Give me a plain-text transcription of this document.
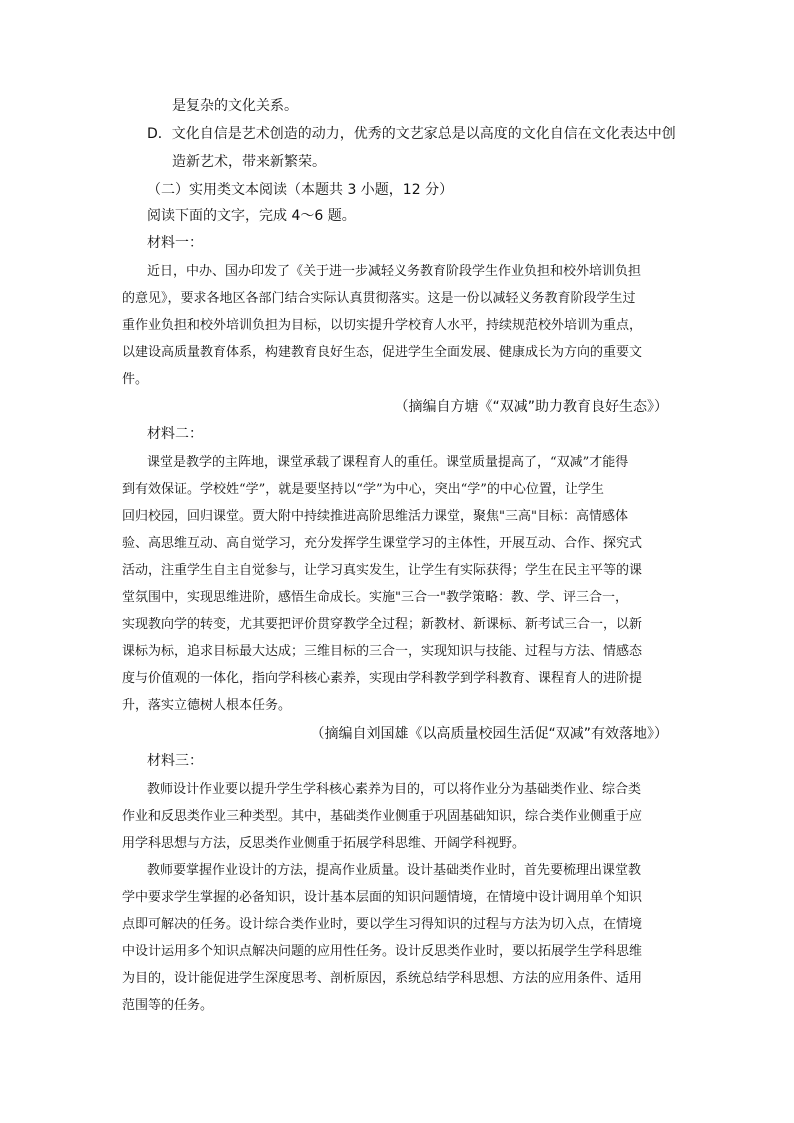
是复杂的文化关系。
D．文化自信是艺术创造的动力，优秀的文艺家总是以高度的文化自信在文化表达中创
造新艺术，带来新繁荣。
（二）实用类文本阅读（本题共 3 小题，12 分）
阅读下面的文字，完成 4～6 题。
材料一：
近日，中办、国办印发了《关于进一步减轻义务教育阶段学生作业负担和校外培训负担
的意见》，要求各地区各部门结合实际认真贯彻落实。这是一份以减轻义务教育阶段学生过
重作业负担和校外培训负担为目标，以切实提升学校育人水平，持续规范校外培训为重点，
以建设高质量教育体系，构建教育良好生态，促进学生全面发展、健康成长为方向的重要文
件。
（摘编自方塘《“双减”助力教育良好生态》）
材料二：
课堂是教学的主阵地，课堂承载了课程育人的重任。课堂质量提高了，“双减”才能得
到有效保证。学校姓“学”，就是要坚持以“学”为中心，突出“学”的中心位置，让学生
回归校园，回归课堂。贾大附中持续推进高阶思维活力课堂，聚焦"三高"目标：高情感体
验、高思维互动、高自觉学习，充分发挥学生课堂学习的主体性，开展互动、合作、探究式
活动，注重学生自主自觉参与，让学习真实发生，让学生有实际获得；学生在民主平等的课
堂氛围中，实现思维进阶，感悟生命成长。实施"三合一"教学策略：教、学、评三合一，
实现教向学的转变，尤其要把评价贯穿教学全过程；新教材、新课标、新考试三合一，以新
课标为标，追求目标最大达成；三维目标的三合一，实现知识与技能、过程与方法、情感态
度与价值观的一体化，指向学科核心素养，实现由学科教学到学科教育、课程育人的进阶提
升，落实立德树人根本任务。
（摘编自刘国雄《以高质量校园生活促“双减”有效落地》）
材料三：
教师设计作业要以提升学生学科核心素养为目的，可以将作业分为基础类作业、综合类
作业和反思类作业三种类型。其中，基础类作业侧重于巩固基础知识，综合类作业侧重于应
用学科思想与方法，反思类作业侧重于拓展学科思维、开阔学科视野。
教师要掌握作业设计的方法，提高作业质量。设计基础类作业时，首先要梳理出课堂教
学中要求学生掌握的必备知识，设计基本层面的知识问题情境，在情境中设计调用单个知识
点即可解决的任务。设计综合类作业时，要以学生习得知识的过程与方法为切入点，在情境
中设计运用多个知识点解决问题的应用性任务。设计反思类作业时，要以拓展学生学科思维
为目的，设计能促进学生深度思考、剖析原因，系统总结学科思想、方法的应用条件、适用
范围等的任务。
